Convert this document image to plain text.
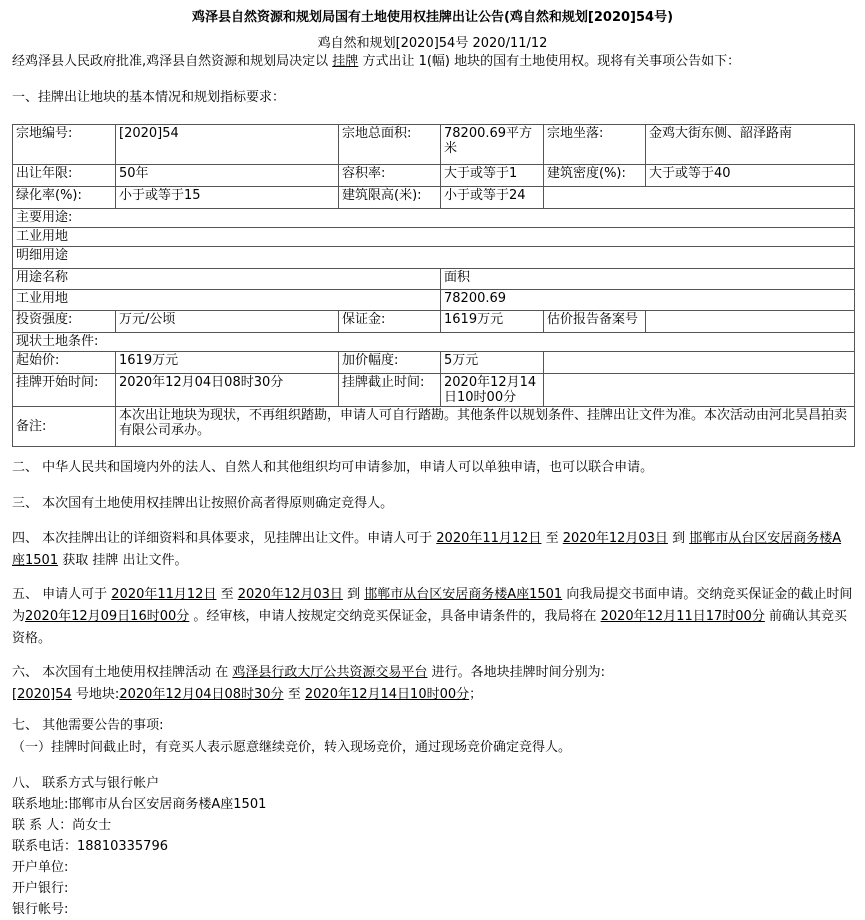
鸡泽县自然资源和规划局国有土地使用权挂牌出让公告(鸡自然和规划[2020]54号)
鸡自然和规划[2020]54号 2020/11/12
经鸡泽县人民政府批准,鸡泽县自然资源和规划局决定以 挂牌 方式出让 1(幅) 地块的国有土地使用权。现将有关事项公告如下：
一、挂牌出让地块的基本情况和规划指标要求：
宗地编号:	[2020]54	宗地总面积:	78200.69平方米	宗地坐落:	金鸡大街东侧、韶泽路南
出让年限:	50年	容积率:	大于或等于1	建筑密度(%):	大于或等于40
绿化率(%):	小于或等于15	建筑限高(米):	小于或等于24		
主要用途:					
工业用地					
明细用途					
用途名称			面积		
工业用地			78200.69		
投资强度:	万元/公顷	保证金:	1619万元	估价报告备案号	
现状土地条件:					
起始价:	1619万元	加价幅度:	5万元		
挂牌开始时间:	2020年12月04日08时30分	挂牌截止时间:	2020年12月14日10时00分		
备注:	本次出让地块为现状，不再组织踏勘，申请人可自行踏勘。其他条件以规划条件、挂牌出让文件为准。本次活动由河北昊昌拍卖有限公司承办。				
二、 中华人民共和国境内外的法人、自然人和其他组织均可申请参加，申请人可以单独申请，也可以联合申请。
三、 本次国有土地使用权挂牌出让按照价高者得原则确定竞得人。
四、 本次挂牌出让的详细资料和具体要求，见挂牌出让文件。申请人可于 2020年11月12日 至 2020年12月03日 到 邯郸市从台区安居商务楼A座1501 获取 挂牌 出让文件。
五、 申请人可于 2020年11月12日 至 2020年12月03日 到 邯郸市从台区安居商务楼A座1501 向我局提交书面申请。交纳竞买保证金的截止时间为2020年12月09日16时00分 。经审核，申请人按规定交纳竞买保证金，具备申请条件的，我局将在 2020年12月11日17时00分 前确认其竞买资格。
六、 本次国有土地使用权挂牌活动 在 鸡泽县行政大厅公共资源交易平台 进行。各地块挂牌时间分别为:
[2020]54 号地块:2020年12月04日08时30分 至 2020年12月14日10时00分；
七、 其他需要公告的事项:
（一）挂牌时间截止时，有竞买人表示愿意继续竞价，转入现场竞价，通过现场竞价确定竞得人。
八、 联系方式与银行帐户
联系地址:邯郸市从台区安居商务楼A座1501
联 系 人：尚女士
联系电话：18810335796
开户单位:
开户银行:
银行帐号:
